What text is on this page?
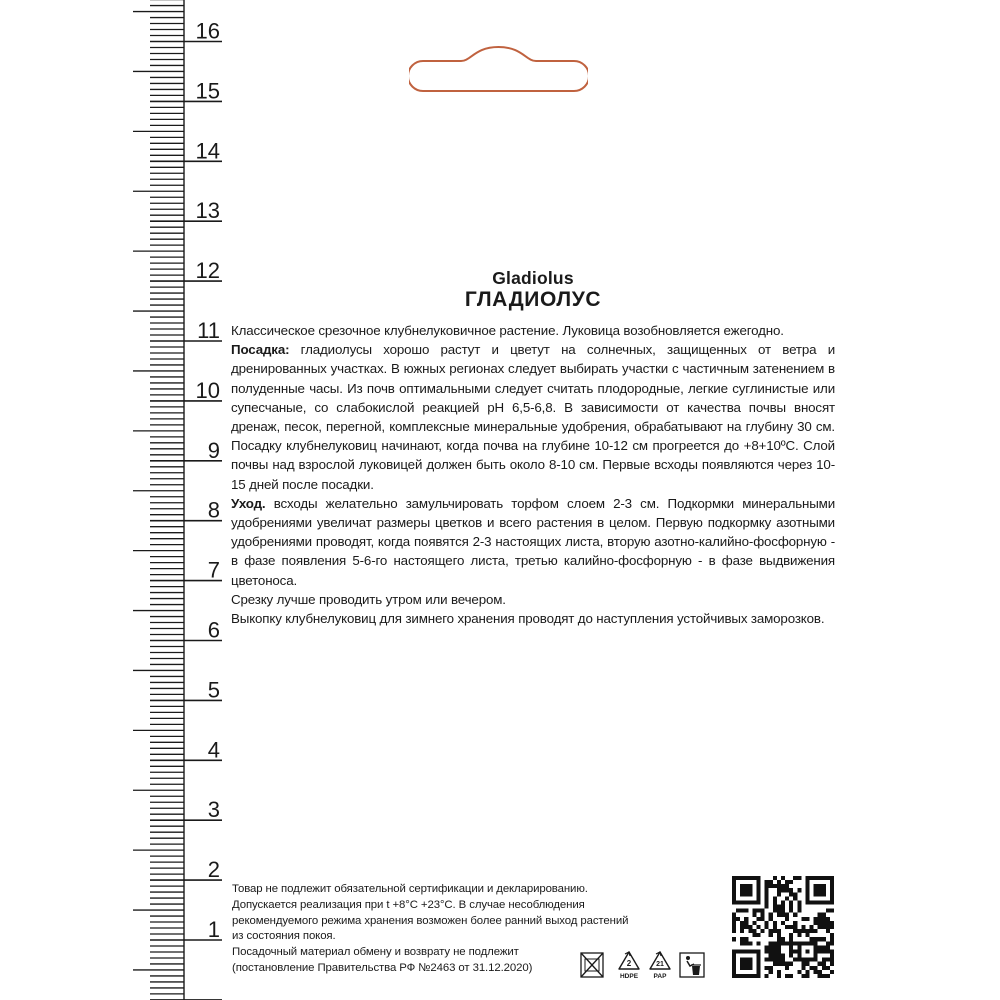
16
15
14
13
12
11
10
9
8
7
6
5
4
3
2
1
Gladiolus
ГЛАДИОЛУС

Классическое срезочное клубнелуковичное растение. Луковица возобновляется ежегодно.

Посадка: гладиолусы хорошо растут и цветут на солнечных, защищенных от ветра и дренированных участках. В южных регионах следует выбирать участки с частичным затенением в полуденные часы. Из почв оптимальными следует считать плодородные, легкие суглинистые или супесчаные, со слабокислой реакцией рН 6,5-6,8. В зависимости от качества почвы вносят дренаж, песок, перегной, комплексные минеральные удобрения, обрабатывают на глубину 30 см. Посадку клубнелуковиц начинают, когда почва на глубине 10-12 см прогреется до +8+10ºС. Слой почвы над взрослой луковицей должен быть около 8-10 см. Первые всходы появляются через 10-15 дней после посадки.

Уход. всходы желательно замульчировать торфом слоем 2-3 см. Подкормки минеральными удобрениями увеличат размеры цветков и всего растения в целом. Первую подкормку азотными удобрениями проводят, когда появятся 2-3 настоящих листа, вторую азотно-калийно-фосфорную - в фазе появления 5-6-го настоящего листа, третью калийно-фосфорную - в фазе выдвижения цветоноса.

Срезку лучше проводить утром или вечером.

Выкопку клубнелуковиц для зимнего хранения проводят до наступления устойчивых заморозков.

Товар не подлежит обязательной сертификации и декларированию.

Допускается реализация при t +8°С +23°С. В случае несоблюдения

рекомендуемого режима хранения возможен более ранний выход растений

из состояния покоя.

Посадочный материал обмену и возврату не подлежит

(постановление Правительства РФ №2463 от 31.12.2020)	2
HDPE
21
PAP
